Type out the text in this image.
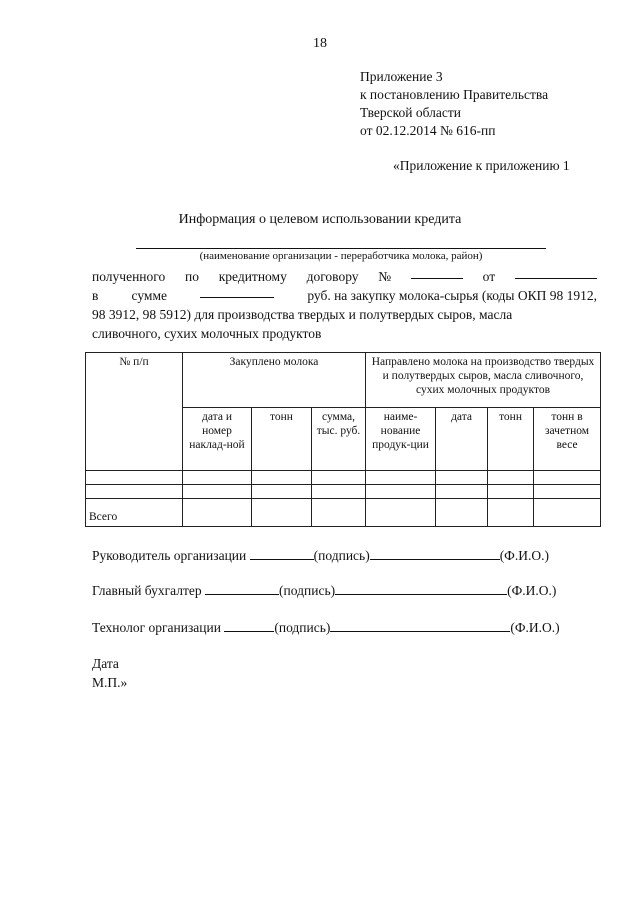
18
Приложение 3
к постановлению Правительства
Тверской области
от 02.12.2014 № 616-пп
«Приложение к приложению 1
Информация о целевом использовании кредита
(наименование организации - переработчика молока, район)
полученного по кредитному договору №	от
в сумме	руб. на закупку молока-сырья (коды ОКП 98 1912,
98 3912, 98 5912) для производства твердых и полутвердых сыров, масла
сливочного, сухих молочных продуктов
№ п/п	Закуплено молока			Направлено молока на производство твердых и полутвердых сыров, масла сливочного, сухих молочных продуктов			
	дата и номер наклад-ной	тонн	сумма, тыс. руб.	наиме-нование продук-ции	дата	тонн	тонн в зачетном весе

Всего							
Руководитель организации	(подпись)	(Ф.И.О.)
Главный бухгалтер	(подпись)	(Ф.И.О.)
Технолог организации	(подпись)	(Ф.И.О.)
Дата
М.П.»
